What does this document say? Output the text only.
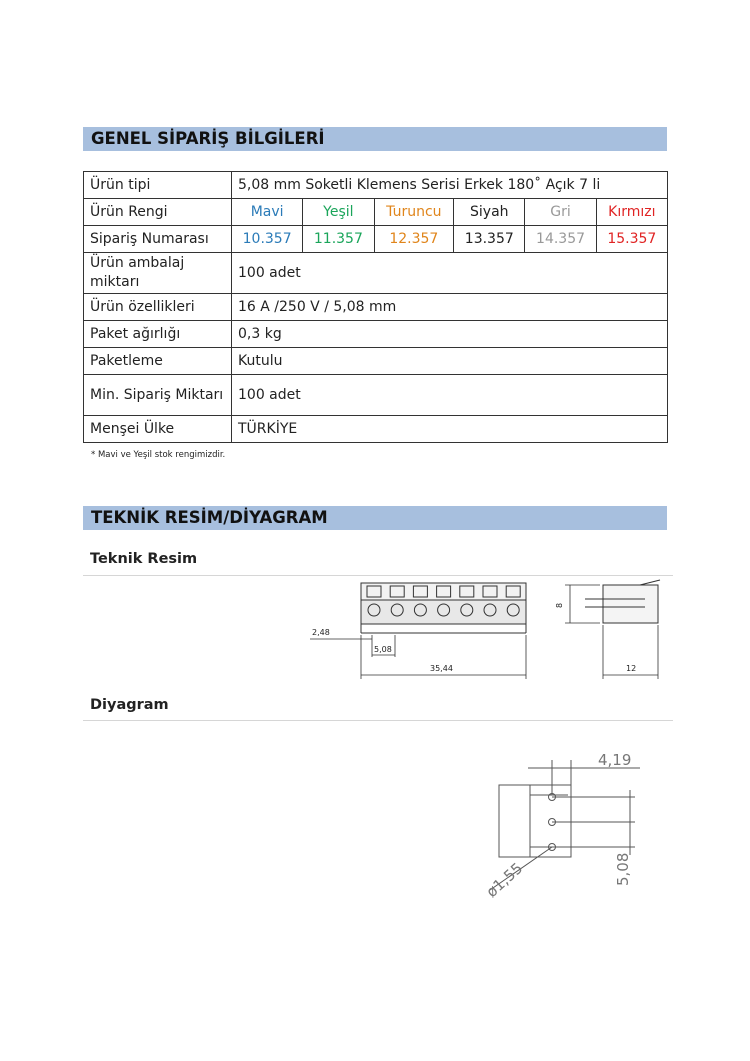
GENEL SİPARİŞ BİLGİLERİ
Ürün tipi	5,08 mm Soketli Klemens Serisi Erkek 180˚ Açık 7 li					
Ürün Rengi	Mavi	Yeşil	Turuncu	Siyah	Gri	Kırmızı
Sipariş Numarası	10.357	11.357	12.357	13.357	14.357	15.357
Ürün ambalaj miktarı	100 adet					
Ürün özellikleri	16 A /250 V / 5,08 mm					
Paket ağırlığı	0,3 kg					
Paketleme	Kutulu					
Min. Sipariş Miktarı	100 adet					
Menşei Ülke	TÜRKİYE					
* Mavi ve Yeşil stok rengimizdir.
TEKNİK RESİM/DİYAGRAM
Teknik Resim
2,48
5,08
35,44
8
12
Diyagram
4,19
5,08
ø1,55
